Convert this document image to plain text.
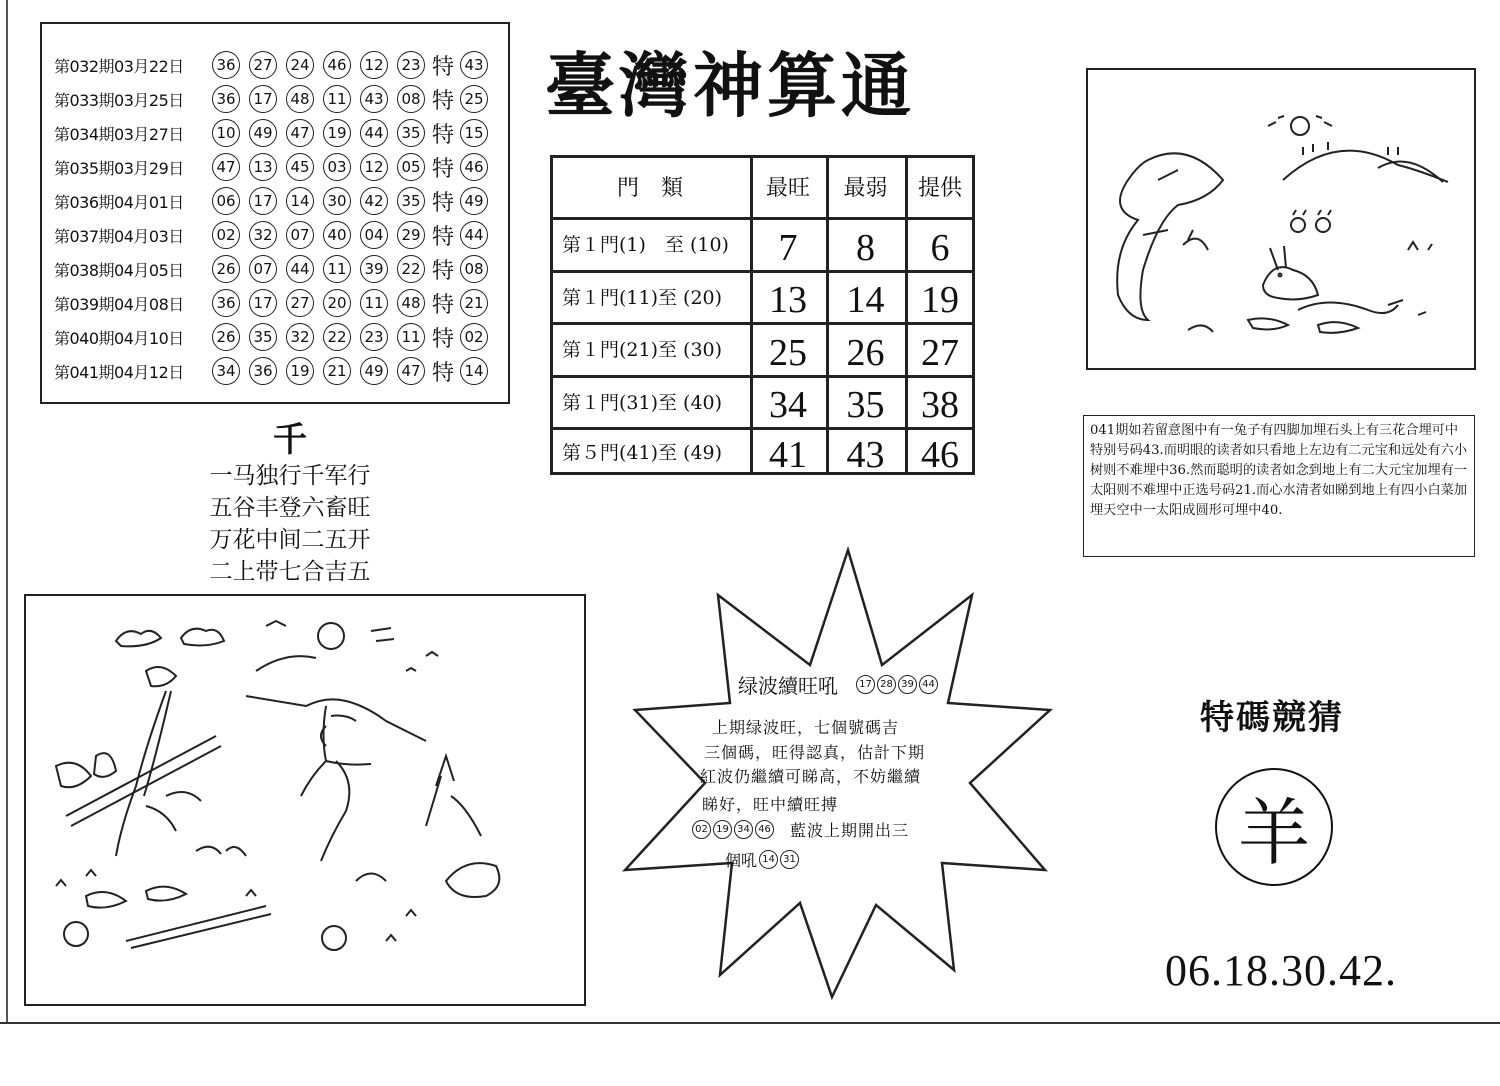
第032期03月22日	36 27 24 46 12 23 特 43
第033期03月25日	36 17 48 11 43 08 特 25
第034期03月27日	10 49 47 19 44 35 特 15
第035期03月29日	47 13 45 03 12 05 特 46
第036期04月01日	06 17 14 30 42 35 特 49
第037期04月03日	02 32 07 40 04 29 特 44
第038期04月05日	26 07 44 11 39 22 特 08
第039期04月08日	36 17 27 20 11 48 特 21
第040期04月10日	26 35 32 22 23 11 特 02
第041期04月12日	34 36 19 21 49 47 特 14
臺灣神算通
門　類	最旺	最弱	提供
第１門(1)　至 (10)	7	8	6
第１門(11)至 (20)	13	14 19
第１門(21)至 (30)	25	26 27
第１門(31)至 (40)	34	35 38
第５門(41)至 (49)	41	43 46
041期如若留意图中有一兔子有四脚加埋石头上有三花合埋可中特别号码43.而明眼的读者如只看地上左边有二元宝和远处有六小树则不难埋中36.然而聪明的读者如念到地上有二大元宝加埋有一太阳则不难埋中正选号码21.而心水清者如睇到地上有四小白菜加埋天空中一太阳成圆形可埋中40.
千
一马独行千军行
五谷丰登六畜旺
万花中间二五开
二上带七合吉五
绿波續旺吼	17 28 39 44
上期绿波旺，七個號碼吉
三個碼，旺得認真，估計下期
紅波仍繼續可睇高，不妨繼續
睇好，旺中續旺搏
02 19 34 46 藍波上期開出三
個吼 14 31
特碼競猜
羊
06.18.30.42.
